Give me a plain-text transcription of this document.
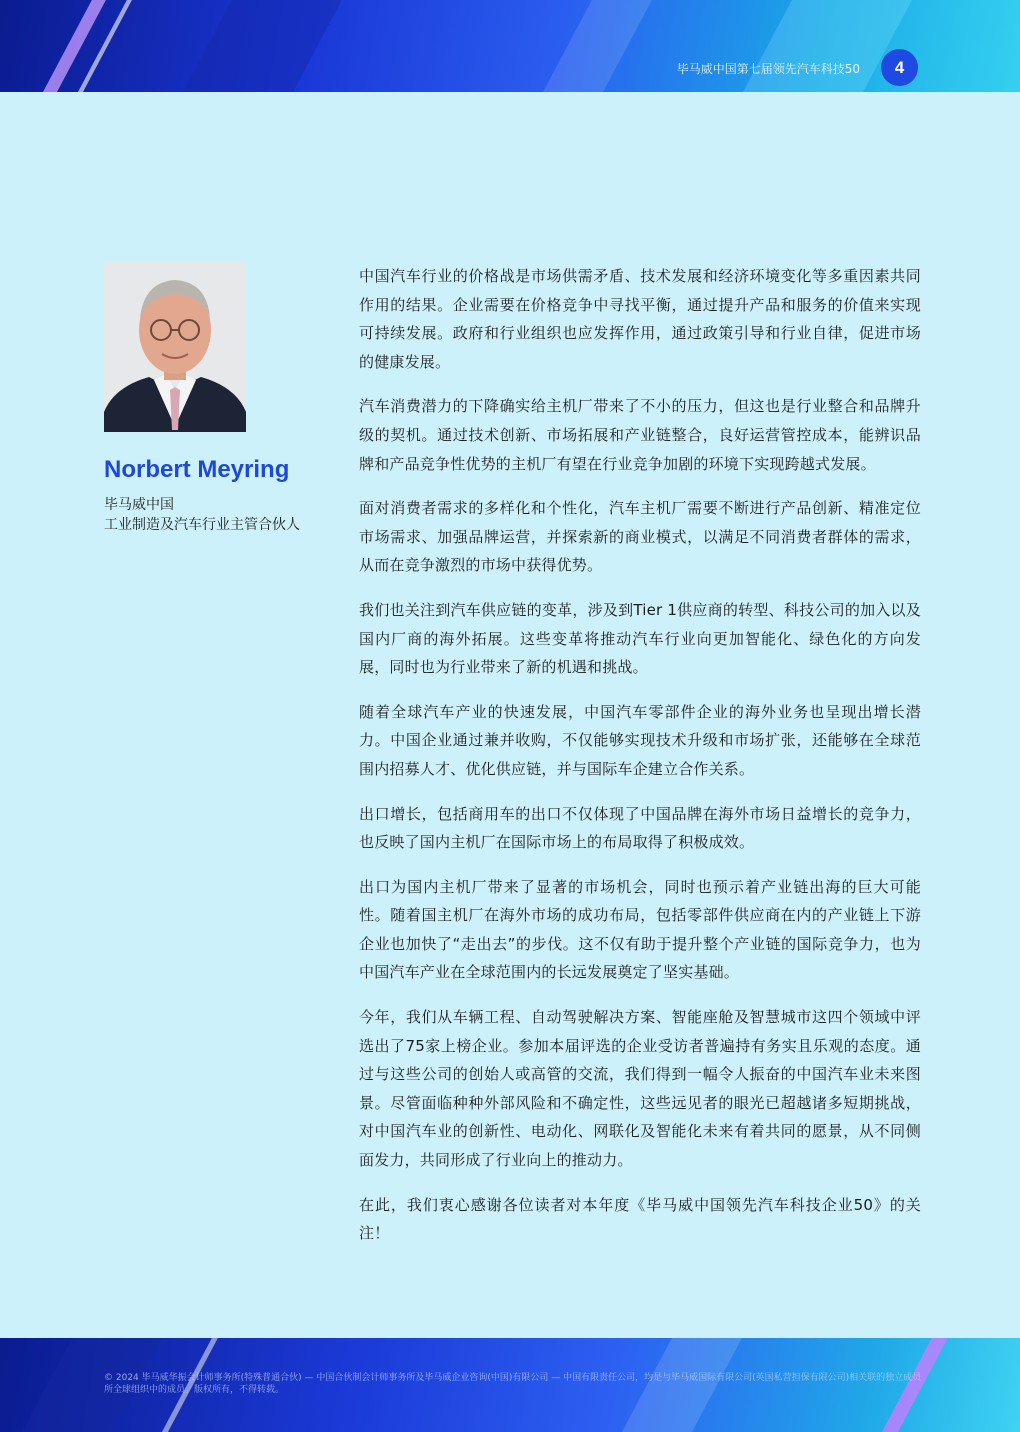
毕马威中国第七届领先汽车科技50	4
Norbert Meyring
毕马威中国
工业制造及汽车行业主管合伙人

中国汽车行业的价格战是市场供需矛盾、技术发展和经济环境变化等多重因素共同作用的结果。企业需要在价格竞争中寻找平衡，通过提升产品和服务的价值来实现可持续发展。政府和行业组织也应发挥作用，通过政策引导和行业自律，促进市场的健康发展。

汽车消费潜力的下降确实给主机厂带来了不小的压力，但这也是行业整合和品牌升级的契机。通过技术创新、市场拓展和产业链整合，良好运营管控成本，能辨识品牌和产品竞争性优势的主机厂有望在行业竞争加剧的环境下实现跨越式发展。

面对消费者需求的多样化和个性化，汽车主机厂需要不断进行产品创新、精准定位市场需求、加强品牌运营，并探索新的商业模式，以满足不同消费者群体的需求，从而在竞争激烈的市场中获得优势。

我们也关注到汽车供应链的变革，涉及到Tier 1供应商的转型、科技公司的加入以及国内厂商的海外拓展。这些变革将推动汽车行业向更加智能化、绿色化的方向发展，同时也为行业带来了新的机遇和挑战。

随着全球汽车产业的快速发展，中国汽车零部件企业的海外业务也呈现出增长潜力。中国企业通过兼并收购，不仅能够实现技术升级和市场扩张，还能够在全球范围内招募人才、优化供应链，并与国际车企建立合作关系。

出口增长，包括商用车的出口不仅体现了中国品牌在海外市场日益增长的竞争力，也反映了国内主机厂在国际市场上的布局取得了积极成效。

出口为国内主机厂带来了显著的市场机会，同时也预示着产业链出海的巨大可能性。随着国主机厂在海外市场的成功布局，包括零部件供应商在内的产业链上下游企业也加快了“走出去”的步伐。这不仅有助于提升整个产业链的国际竞争力，也为中国汽车产业在全球范围内的长远发展奠定了坚实基础。

今年，我们从车辆工程、自动驾驶解决方案、智能座舱及智慧城市这四个领域中评选出了75家上榜企业。参加本届评选的企业受访者普遍持有务实且乐观的态度。通过与这些公司的创始人或高管的交流，我们得到一幅令人振奋的中国汽车业未来图景。尽管面临种种外部风险和不确定性，这些远见者的眼光已超越诸多短期挑战，对中国汽车业的创新性、电动化、网联化及智能化未来有着共同的愿景，从不同侧面发力，共同形成了行业向上的推动力。

在此，我们衷心感谢各位读者对本年度《毕马威中国领先汽车科技企业50》的关注！

© 2024 毕马威华振会计师事务所(特殊普通合伙) — 中国合伙制会计师事务所及毕马威企业咨询(中国)有限公司 — 中国有限责任公司，均是与毕马威国际有限公司(英国私营担保有限公司)相关联的独立成员所全球组织中的成员。版权所有，不得转载。
